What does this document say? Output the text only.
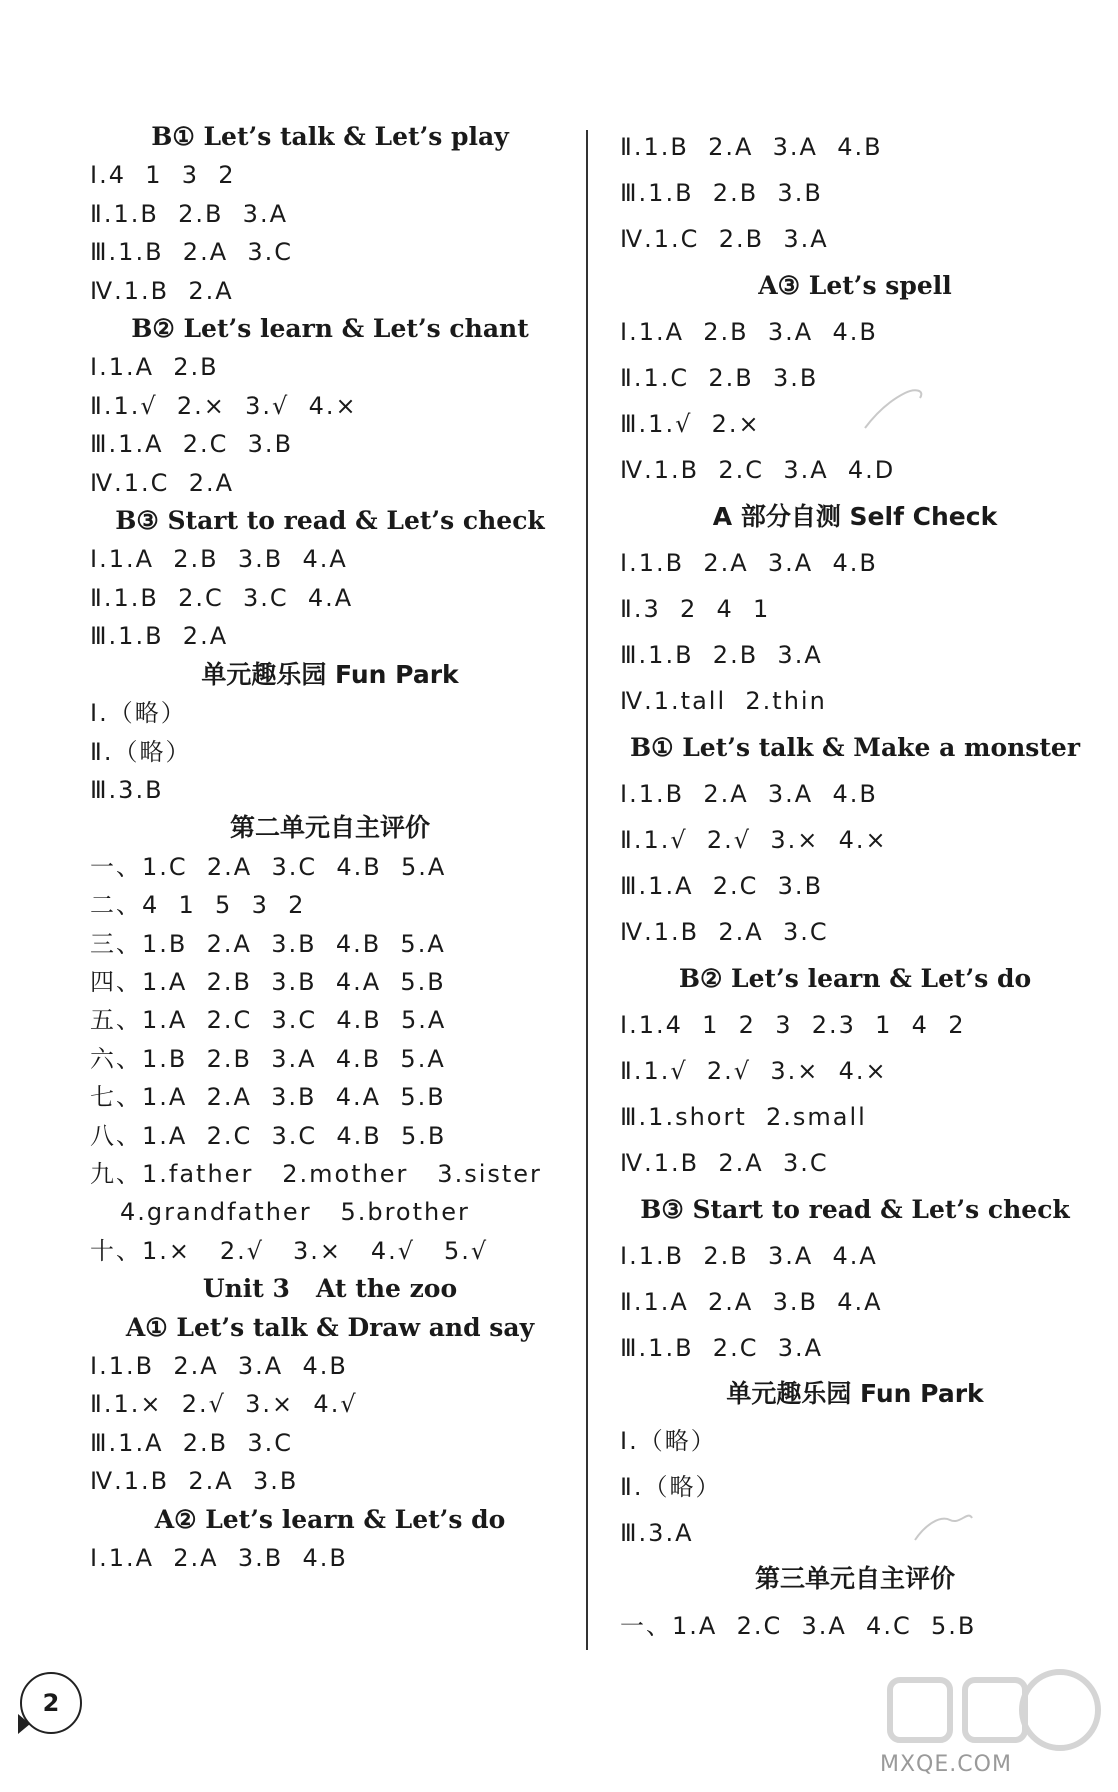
B① Let’s talk & Let’s play
Ⅰ.4  1  3  2
Ⅱ.1.B  2.B  3.A
Ⅲ.1.B  2.A  3.C
Ⅳ.1.B  2.A
B② Let’s learn & Let’s chant
Ⅰ.1.A  2.B
Ⅱ.1.√  2.×  3.√  4.×
Ⅲ.1.A  2.C  3.B
Ⅳ.1.C  2.A
B③ Start to read & Let’s check
Ⅰ.1.A  2.B  3.B  4.A
Ⅱ.1.B  2.C  3.C  4.A
Ⅲ.1.B  2.A
单元趣乐园 Fun Park
Ⅰ.（略）
Ⅱ.（略）
Ⅲ.3.B
第二单元自主评价
一、1.C  2.A  3.C  4.B  5.A
二、4  1  5  3  2
三、1.B  2.A  3.B  4.B  5.A
四、1.A  2.B  3.B  4.A  5.B
五、1.A  2.C  3.C  4.B  5.A
六、1.B  2.B  3.A  4.B  5.A
七、1.A  2.A  3.B  4.A  5.B
八、1.A  2.C  3.C  4.B  5.B
九、1.father   2.mother   3.sister
4.grandfather   5.brother
十、1.×   2.√   3.×   4.√   5.√
Unit 3   At the zoo
A① Let’s talk & Draw and say
Ⅰ.1.B  2.A  3.A  4.B
Ⅱ.1.×  2.√  3.×  4.√
Ⅲ.1.A  2.B  3.C
Ⅳ.1.B  2.A  3.B
A② Let’s learn & Let’s do
Ⅰ.1.A  2.A  3.B  4.B
Ⅱ.1.B  2.A  3.A  4.B
Ⅲ.1.B  2.B  3.B
Ⅳ.1.C  2.B  3.A
A③ Let’s spell
Ⅰ.1.A  2.B  3.A  4.B
Ⅱ.1.C  2.B  3.B
Ⅲ.1.√  2.×
Ⅳ.1.B  2.C  3.A  4.D
A 部分自测 Self Check
Ⅰ.1.B  2.A  3.A  4.B
Ⅱ.3  2  4  1
Ⅲ.1.B  2.B  3.A
Ⅳ.1.tall  2.thin
B① Let’s talk & Make a monster
Ⅰ.1.B  2.A  3.A  4.B
Ⅱ.1.√  2.√  3.×  4.×
Ⅲ.1.A  2.C  3.B
Ⅳ.1.B  2.A  3.C
B② Let’s learn & Let’s do
Ⅰ.1.4  1  2  3  2.3  1  4  2
Ⅱ.1.√  2.√  3.×  4.×
Ⅲ.1.short  2.small
Ⅳ.1.B  2.A  3.C
B③ Start to read & Let’s check
Ⅰ.1.B  2.B  3.A  4.A
Ⅱ.1.A  2.A  3.B  4.A
Ⅲ.1.B  2.C  3.A
单元趣乐园 Fun Park
Ⅰ.（略）
Ⅱ.（略）
Ⅲ.3.A
第三单元自主评价
一、1.A  2.C  3.A  4.C  5.B
2
MXQE.COM
